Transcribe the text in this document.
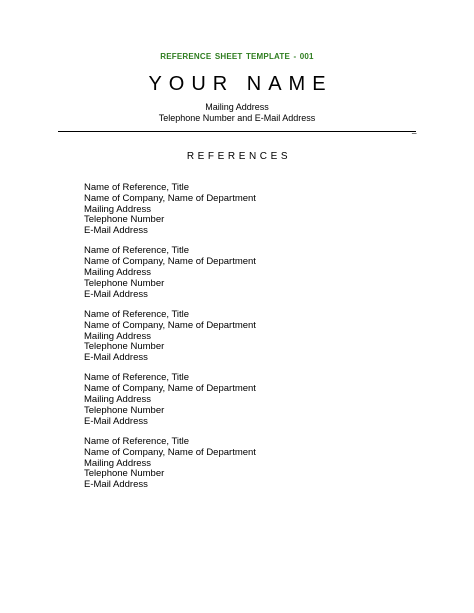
REFERENCE SHEET TEMPLATE - 001
YOUR NAME
Mailing Address
Telephone Number and E-Mail Address
_
REFERENCES
Name of Reference, Title
Name of Company, Name of Department
Mailing Address
Telephone Number
E-Mail Address
Name of Reference, Title
Name of Company, Name of Department
Mailing Address
Telephone Number
E-Mail Address
Name of Reference, Title
Name of Company, Name of Department
Mailing Address
Telephone Number
E-Mail Address
Name of Reference, Title
Name of Company, Name of Department
Mailing Address
Telephone Number
E-Mail Address
Name of Reference, Title
Name of Company, Name of Department
Mailing Address
Telephone Number
E-Mail Address
